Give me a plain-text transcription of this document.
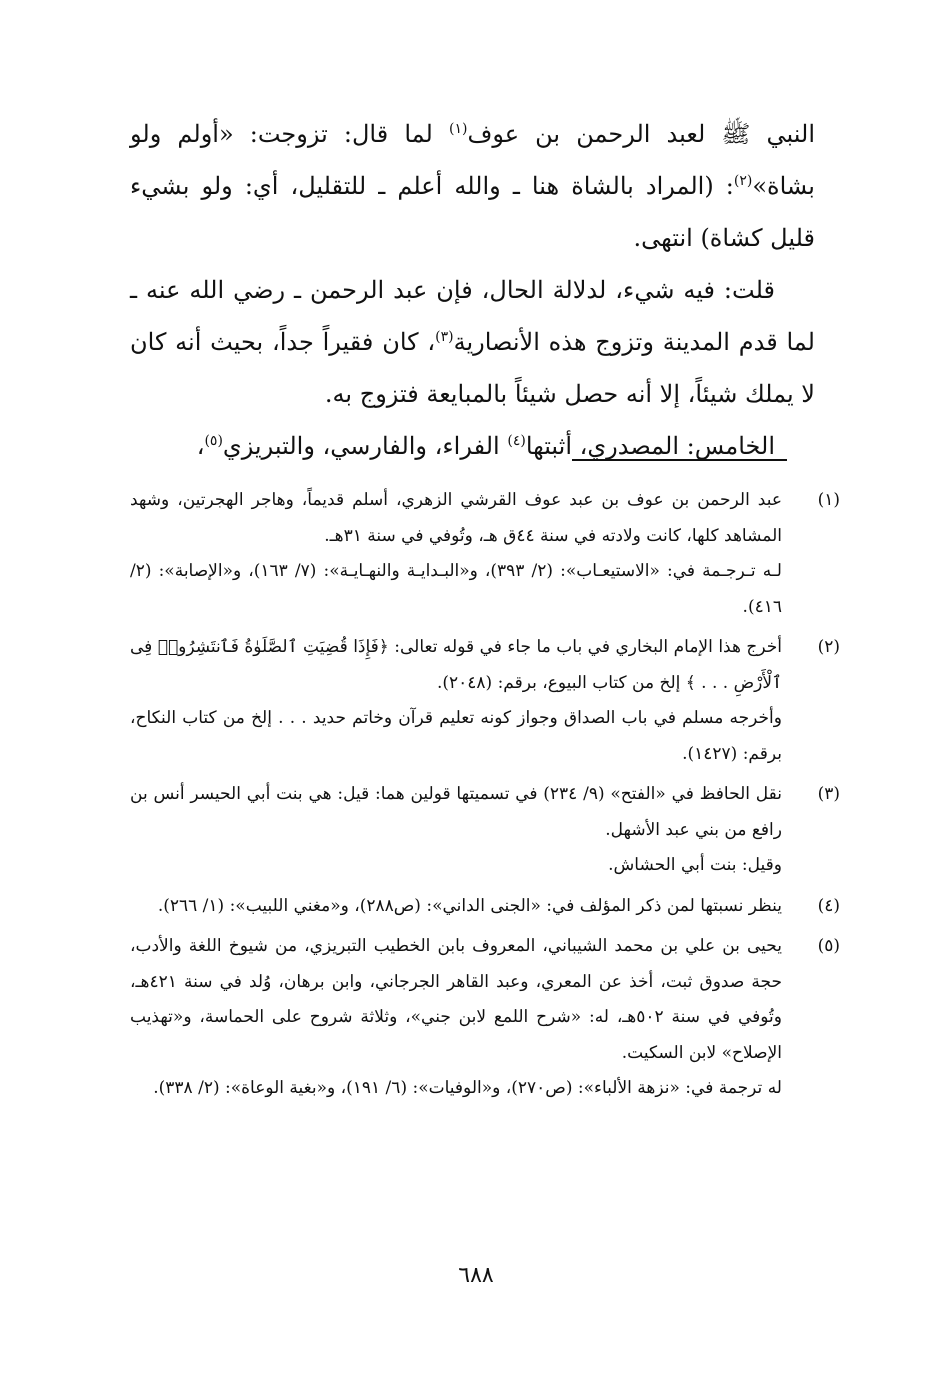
النبي ﷺ لعبد الرحمن بن عوف$^{(١)}$ لما قال: تزوجت: «أولم ولو بشاة»$^{(٢)}$: (المراد بالشاة هنا ـ والله أعلم ـ للتقليل، أي: ولو بشيء قليل كشاة) انتهى.

قلت: فيه شيء، لدلالة الحال، فإن عبد الرحمن ـ رضي الله عنه ـ لما قدم المدينة وتزوج هذه الأنصارية$^{(٣)}$، كان فقيراً جداً، بحيث أنه كان لا يملك شيئاً، إلا أنه حصل شيئاً بالمبايعة فتزوج به.

الخامس: المصدري، أثبتها$^{(٤)}$ الفراء، والفارسي، والتبريزي$^{(٥)}$،

(١)

عبد الرحمن بن عوف بن عبد عوف القرشي الزهري، أسلم قديماً، وهاجر الهجرتين، وشهد المشاهد كلها، كانت ولادته في سنة ٤٤ق هـ، وتُوفي في سنة ٣١هـ.

لـه تـرجـمة في: «الاستيعـاب»: (٢/ ٣٩٣)، و«البـدايـة والنهـايـة»: (٧/ ١٦٣)، و«الإصابة»: (٢/ ٤١٦).

(٢)

أخرج هذا الإمام البخاري في باب ما جاء في قوله تعالى: ﴿فَإِذَا قُضِيَتِ ٱلصَّلَوٰةُ فَٱنتَشِرُوا۟ فِى ٱلْأَرْضِ . . . ﴾ إلخ من كتاب البيوع، برقم: (٢٠٤٨).

وأخرجه مسلم في باب الصداق وجواز كونه تعليم قرآن وخاتم حديد . . . إلخ من كتاب النكاح، برقم: (١٤٢٧).

(٣)

نقل الحافظ في «الفتح» (٩/ ٢٣٤) في تسميتها قولين هما: قيل: هي بنت أبي الحيسر أنس بن رافع من بني عبد الأشهل.

وقيل: بنت أبي الحشاش.

(٤)

ينظر نسبتها لمن ذكر المؤلف في: «الجنى الداني»: (ص٢٨٨)، و«مغني اللبيب»: (١/ ٢٦٦).

(٥)

يحيى بن علي بن محمد الشيباني، المعروف بابن الخطيب التبريزي، من شيوخ اللغة والأدب، حجة صدوق ثبت، أخذ عن المعري، وعبد القاهر الجرجاني، وابن برهان، وُلد في سنة ٤٢١هـ، وتُوفي في سنة ٥٠٢هـ، له: «شرح اللمع لابن جني»، وثلاثة شروح على الحماسة، و«تهذيب الإصلاح» لابن السكيت.

له ترجمة في: «نزهة الألباء»: (ص٢٧٠)، و«الوفيات»: (٦/ ١٩١)، و«بغية الوعاة»: (٢/ ٣٣٨).

٦٨٨
